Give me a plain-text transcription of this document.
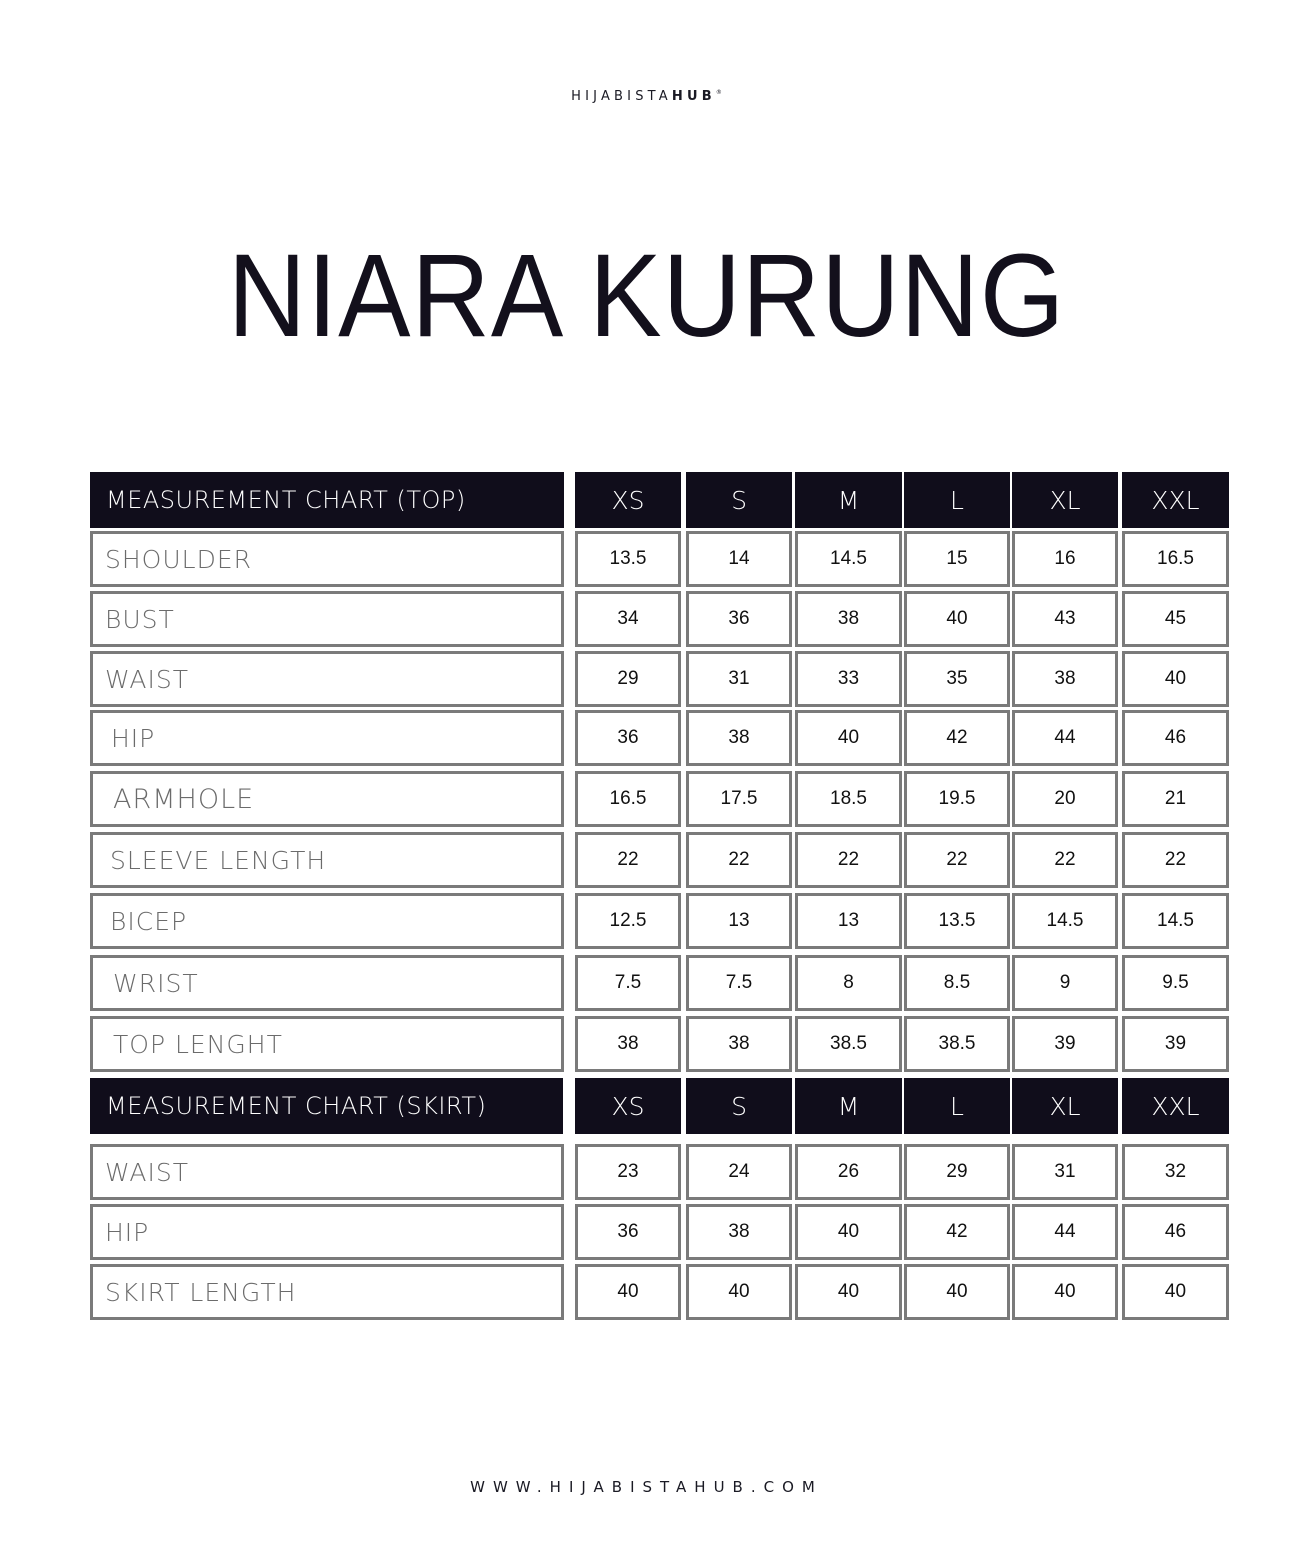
HIJABISTAHUB®
NIARA KURUNG
MEASUREMENT CHART (TOP)	XS	S	M	L	XL	XXL
SHOULDER	13.5	14	14.5	15	16	16.5
BUST	34	36	38	40	43	45
WAIST	29	31	33	35	38	40
HIP	36	38	40	42	44	46
ARMHOLE	16.5	17.5	18.5	19.5	20	21
SLEEVE LENGTH	22	22	22	22	22	22
BICEP	12.5	13	13	13.5	14.5	14.5
WRIST	7.5	7.5	8	8.5	9	9.5
TOP LENGHT	38	38	38.5	38.5	39	39
MEASUREMENT CHART (SKIRT)	XS	S	M	L	XL	XXL
WAIST	23	24	26	29	31	32
HIP	36	38	40	42	44	46
SKIRT LENGTH	40	40	40	40	40	40
WWW.HIJABISTAHUB.COM
